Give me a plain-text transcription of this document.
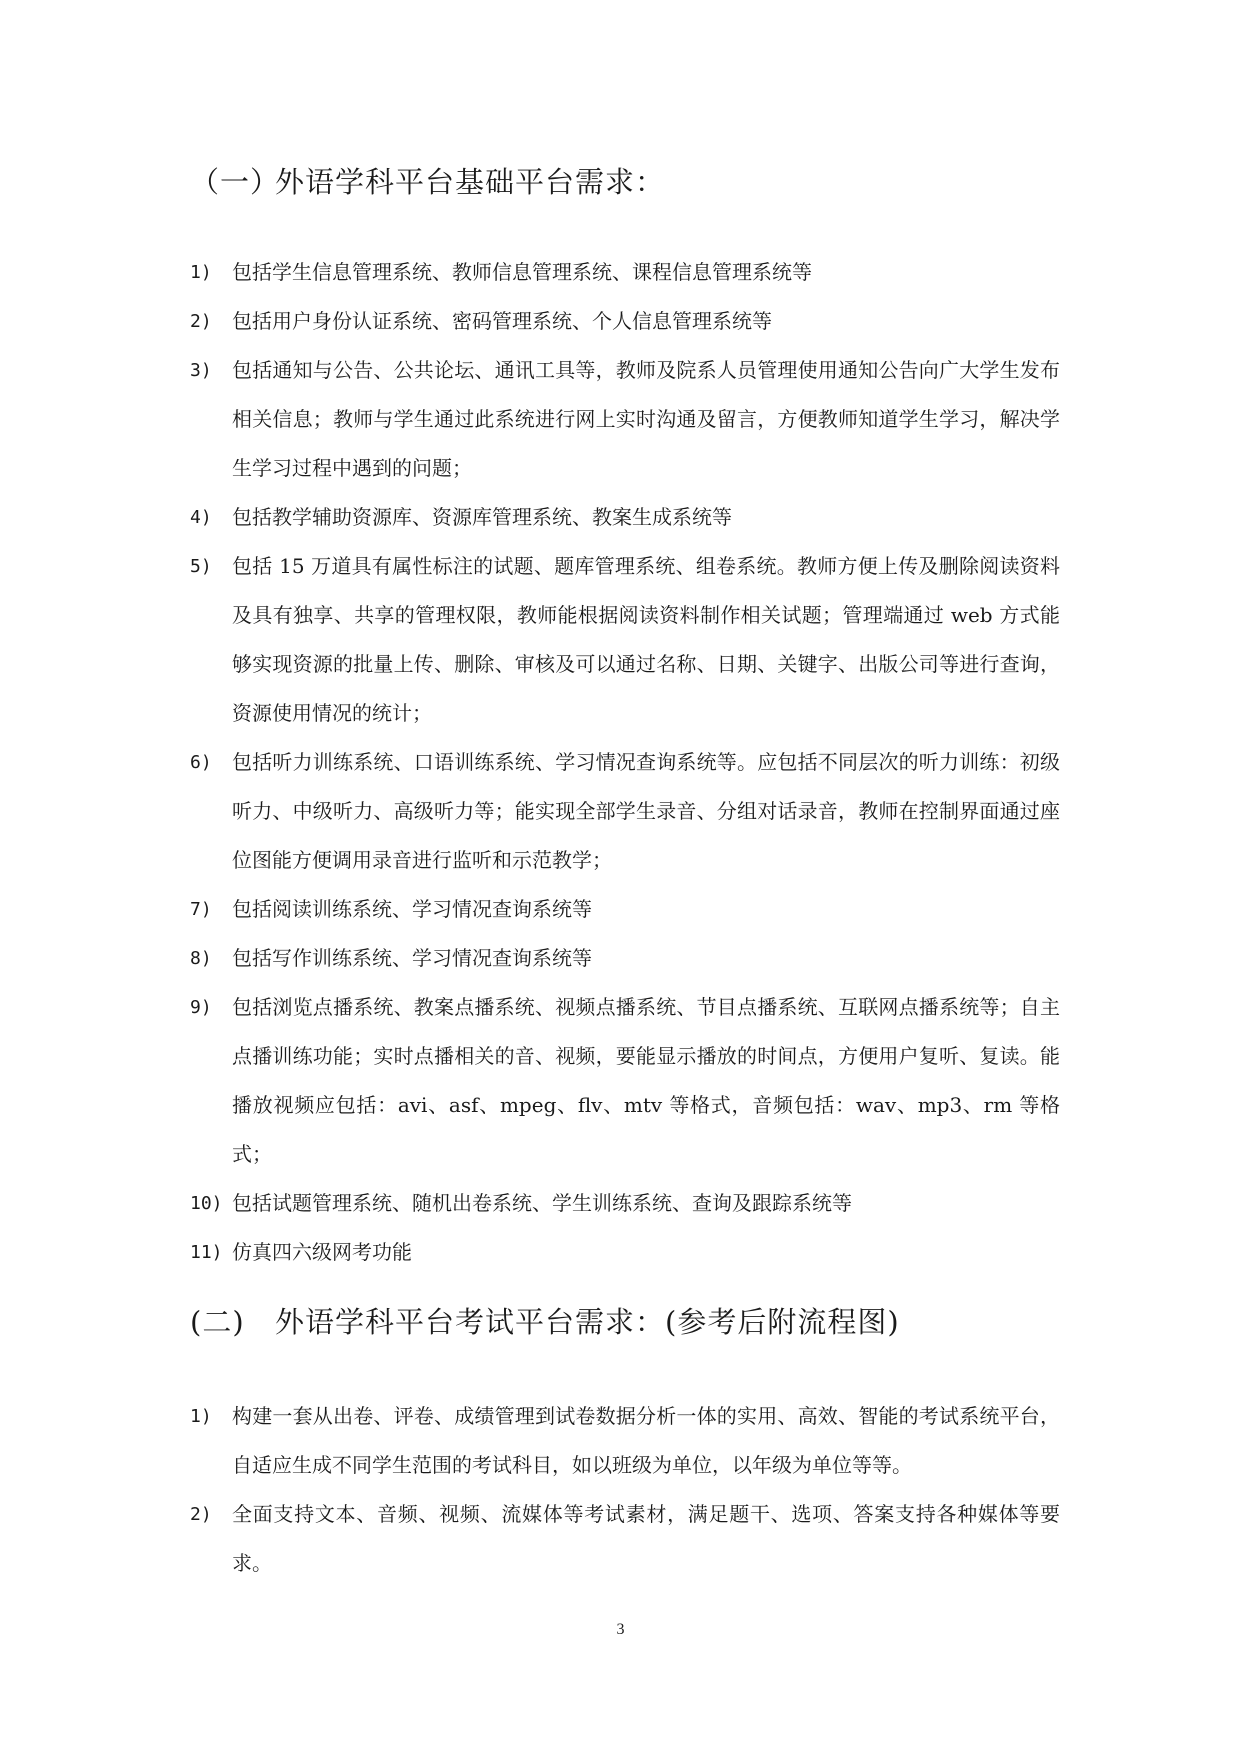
（一）外语学科平台基础平台需求：
1) 包括学生信息管理系统、教师信息管理系统、课程信息管理系统等
2) 包括用户身份认证系统、密码管理系统、个人信息管理系统等
3) 包括通知与公告、公共论坛、通讯工具等，教师及院系人员管理使用通知公告向广大学生发布相关信息；教师与学生通过此系统进行网上实时沟通及留言，方便教师知道学生学习，解决学生学习过程中遇到的问题；
4) 包括教学辅助资源库、资源库管理系统、教案生成系统等
5) 包括 15 万道具有属性标注的试题、题库管理系统、组卷系统。教师方便上传及删除阅读资料及具有独享、共享的管理权限，教师能根据阅读资料制作相关试题；管理端通过 web 方式能够实现资源的批量上传、删除、审核及可以通过名称、日期、关键字、出版公司等进行查询，资源使用情况的统计；
6) 包括听力训练系统、口语训练系统、学习情况查询系统等。应包括不同层次的听力训练：初级听力、中级听力、高级听力等；能实现全部学生录音、分组对话录音，教师在控制界面通过座位图能方便调用录音进行监听和示范教学；
7) 包括阅读训练系统、学习情况查询系统等
8) 包括写作训练系统、学习情况查询系统等
9) 包括浏览点播系统、教案点播系统、视频点播系统、节目点播系统、互联网点播系统等；自主点播训练功能；实时点播相关的音、视频，要能显示播放的时间点，方便用户复听、复读。能播放视频应包括：avi、asf、mpeg、flv、mtv 等格式，音频包括：wav、mp3、rm 等格式；
10) 包括试题管理系统、随机出卷系统、学生训练系统、查询及跟踪系统等
11) 仿真四六级网考功能
(二) 外语学科平台考试平台需求：(参考后附流程图)
1) 构建一套从出卷、评卷、成绩管理到试卷数据分析一体的实用、高效、智能的考试系统平台，自适应生成不同学生范围的考试科目，如以班级为单位，以年级为单位等等。
2) 全面支持文本、音频、视频、流媒体等考试素材，满足题干、选项、答案支持各种媒体等要求。
3
